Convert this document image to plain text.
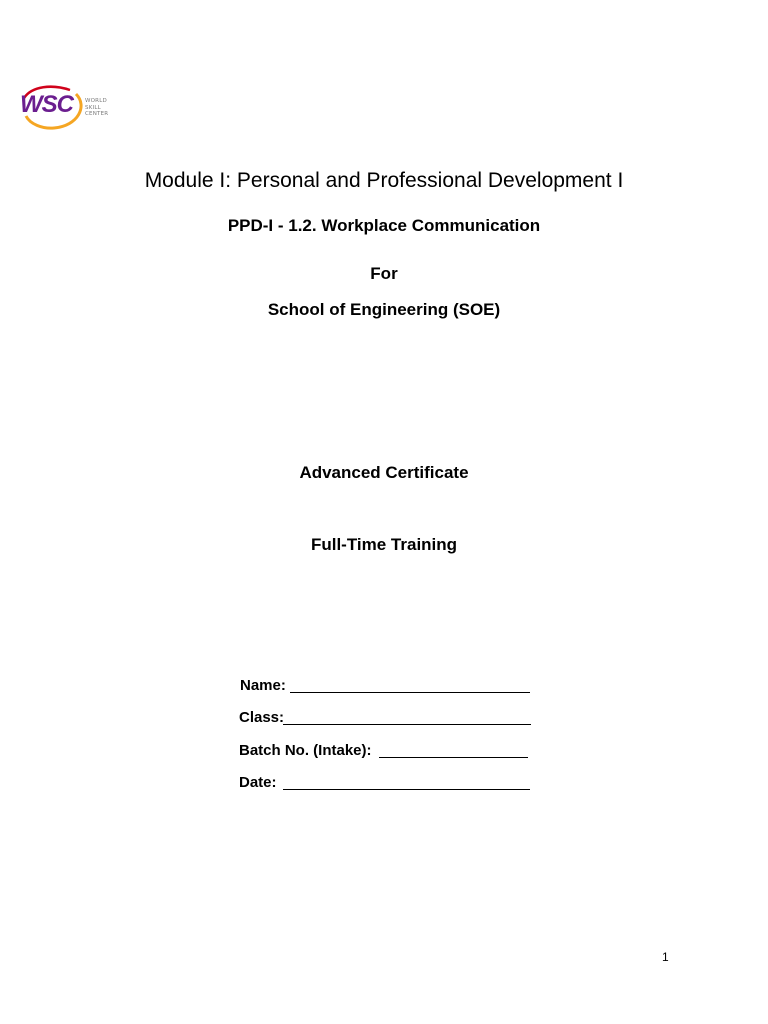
WSC WORLD
SKILL
CENTER
Module I: Personal and Professional Development I
PPD-I - 1.2. Workplace Communication
For
School of Engineering (SOE)
Advanced Certificate
Full-Time Training
Name:
Class:
Batch No. (Intake):
Date:
1
